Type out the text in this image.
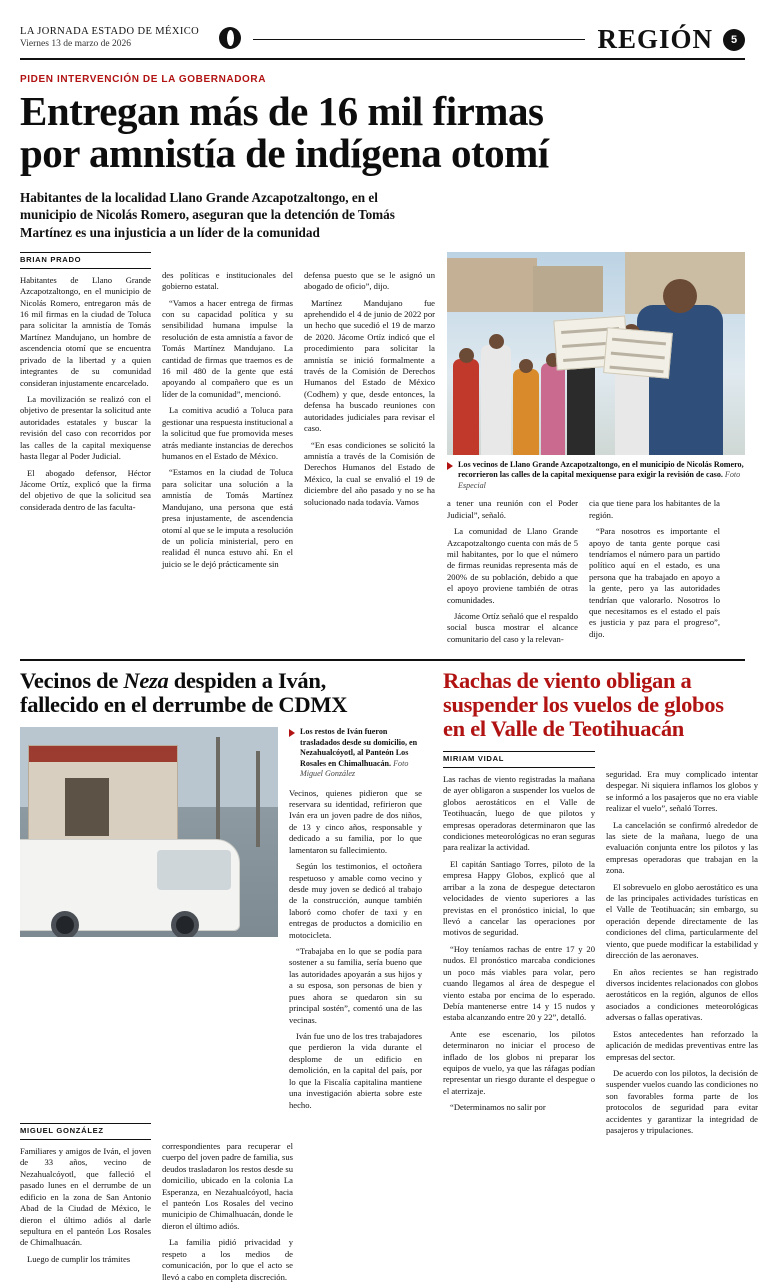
LA JORNADA ESTADO DE MÉXICO
Viernes 13 de marzo de 2026	REGIÓN	5
PIDEN INTERVENCIÓN DE LA GOBERNADORA
Entregan más de 16 mil firmas
por amnistía de indígena otomí
Habitantes de la localidad Llano Grande Azcapotzaltongo, en el municipio de Nicolás Romero, aseguran que la detención de Tomás Martínez es una injusticia a un líder de la comunidad
BRIAN PRADO

Habitantes de Llano Grande Azcapotzaltongo, en el municipio de Nicolás Romero, entregaron más de 16 mil firmas en la ciudad de Toluca para solicitar la amnistía de Tomás Martínez Mandujano, un hombre de ascendencia otomí que se encuentra privado de la libertad y a quien integrantes de su comunidad consideran injustamente encarcelado.

La movilización se realizó con el objetivo de presentar la solicitud ante autoridades estatales y buscar la revisión del caso con recorridos por las calles de la capital mexiquense hasta llegar al Poder Judicial.

El abogado defensor, Héctor Jácome Ortíz, explicó que la firma del objetivo de que la solicitud sea considerada dentro de las faculta-

des políticas e institucionales del gobierno estatal.

“Vamos a hacer entrega de firmas con su capacidad política y su sensibilidad humana impulse la resolución de esta amnistía a favor de Tomás Martínez Mandujano. La cantidad de firmas que traemos es de 16 mil 480 de la gente que está apoyando al compañero que es un líder de la comunidad”, mencionó.

La comitiva acudió a Toluca para gestionar una respuesta institucional a la solicitud que fue promovida meses atrás mediante instancias de derechos humanos en el Estado de México.

“Estamos en la ciudad de Toluca para solicitar una solución a la amnistía de Tomás Martínez Mandujano, una persona que está presa injustamente, de ascendencia otomí al que se le imputa a resolución de un policía ministerial, pero en realidad él nunca estuvo ahí. En el juicio se le dejó prácticamente sin

defensa puesto que se le asignó un abogado de oficio”, dijo.

Martínez Mandujano fue aprehendido el 4 de junio de 2022 por un hecho que sucedió el 19 de marzo de 2020. Jácome Ortíz indicó que el procedimiento para solicitar la amnistía se inició formalmente a través de la Comisión de Derechos Humanos del Estado de México (Codhem) y que, desde entonces, la defensa ha buscado reuniones con autoridades judiciales para revisar el caso.

“En esas condiciones se solicitó la amnistía a través de la Comisión de Derechos Humanos del Estado de México, la cual se envalió el 19 de diciembre del año pasado y no se ha solucionado nada todavía. Vamos

Los vecinos de Llano Grande Azcapotzaltongo, en el municipio de Nicolás Romero, recorrieron las calles de la capital mexiquense para exigir la revisión de caso. Foto Especial

a tener una reunión con el Poder Judicial”, señaló.

La comunidad de Llano Grande Azcapotzaltongo cuenta con más de 5 mil habitantes, por lo que el número de firmas reunidas representa más de 200% de su población, debido a que el apoyo proviene también de otras comunidades.

Jácome Ortíz señaló que el respaldo social busca mostrar el alcance comunitario del caso y la relevan-

cia que tiene para los habitantes de la región.

“Para nosotros es importante el apoyo de tanta gente porque casi tendríamos el número para un partido político aquí en el estado, es una persona que ha trabajado en apoyo a la gente, pero ya las autoridades tendrían que valorarlo. Nosotros lo que necesitamos es el estado el país es justicia y paz para el progreso”, dijo.

Vecinos de Neza despiden a Iván,
fallecido en el derrumbe de CDMX
Los restos de Iván fueron trasladados desde su domicilio, en Nezahualcóyotl, al Panteón Los Rosales en Chimalhuacán. Foto Miguel González

Vecinos, quienes pidieron que se reservara su identidad, refirieron que Iván era un joven padre de dos niños, de 13 y cinco años, responsable y dedicado a su familia, por lo que lamentaron su fallecimiento.

Según los testimonios, el octoñera respetuoso y amable como vecino y desde muy joven se dedicó al trabajo de la construcción, aunque también laboró como chofer de taxi y en entregas de productos a domicilio en motocicleta.

“Trabajaba en lo que se podía para sostener a su familia, sería bueno que las autoridades apoyarán a sus hijos y a su esposa, son personas de bien y pues ahora se quedaron sin su principal sostén”, comentó una de las vecinas.

Iván fue uno de los tres trabajadores que perdieron la vida durante el desplome de un edificio en demolición, en la capital del país, por lo que la Fiscalía capitalina mantiene una investigación abierta sobre este hecho.

MIGUEL GONZÁLEZ

Familiares y amigos de Iván, el joven de 33 años, vecino de Nezahualcóyotl, que falleció el pasado lunes en el derrumbe de un edificio en la zona de San Antonio Abad de la Ciudad de México, le dieron el último adiós al darle sepultura en el panteón Los Rosales de Chimalhuacán.

Luego de cumplir los trámites

correspondientes para recuperar el cuerpo del joven padre de familia, sus deudos trasladaron los restos desde su domicilio, ubicado en la colonia La Esperanza, en Nezahualcóyotl, hacia el panteón Los Rosales del vecino municipio de Chimalhuacán, donde le dieron el último adiós.

La familia pidió privacidad y respeto a los medios de comunicación, por lo que el acto se llevó a cabo en completa discreción.

Rachas de viento obligan a
suspender los vuelos de globos
en el Valle de Teotihuacán
MIRIAM VIDAL

Las rachas de viento registradas la mañana de ayer obligaron a suspender los vuelos de globos aerostáticos en el Valle de Teotihuacán, luego de que pilotos y empresas operadoras determinaron que las condiciones meteorológicas no eran seguras para realizar la actividad.

El capitán Santiago Torres, piloto de la empresa Happy Globos, explicó que al arribar a la zona de despegue detectaron velocidades de viento superiores a las previstas en el pronóstico inicial, lo que llevó a cancelar las operaciones por motivos de seguridad.

“Hoy teníamos rachas de entre 17 y 20 nudos. El pronóstico marcaba condiciones un poco más viables para volar, pero cuando llegamos al área de despegue el viento estaba por encima de lo esperado. Debía mantenerse entre 14 y 15 nudos y estaba alcanzando entre 20 y 22”, detalló.

Ante ese escenario, los pilotos determinaron no iniciar el proceso de inflado de los globos ni preparar los equipos de vuelo, ya que las ráfagas podían representar un riesgo durante el despegue o el aterrizaje.

“Determinamos no salir por

seguridad. Era muy complicado intentar despegar. Ni siquiera inflamos los globos y se informó a los pasajeros que no era viable realizar el vuelo”, señaló Torres.

La cancelación se confirmó alrededor de las siete de la mañana, luego de una evaluación conjunta entre los pilotos y las empresas operadoras que trabajan en la zona.

El sobrevuelo en globo aerostático es una de las principales actividades turísticas en el Valle de Teotihuacán; sin embargo, su operación depende directamente de las condiciones del clima, particularmente del viento, que puede modificar la estabilidad y dirección de las aeronaves.

En años recientes se han registrado diversos incidentes relacionados con globos aerostáticos en la región, algunos de ellos asociados a condiciones meteorológicas adversas o fallas operativas.

Estos antecedentes han reforzado la aplicación de medidas preventivas entre las empresas del sector.

De acuerdo con los pilotos, la decisión de suspender vuelos cuando las condiciones no son favorables forma parte de los protocolos de seguridad para evitar accidentes y garantizar la integridad de pasajeros y tripulaciones.
